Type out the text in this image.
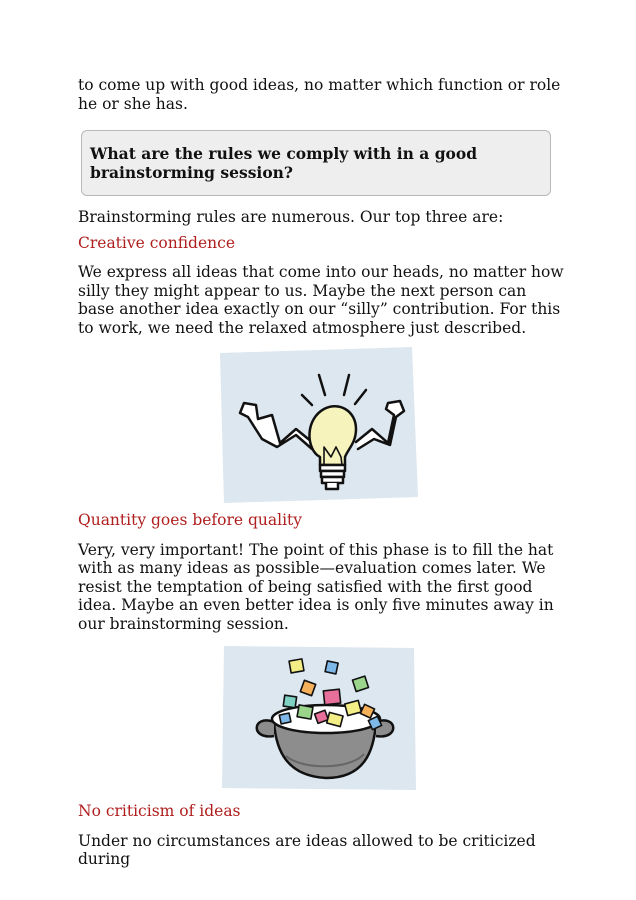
to come up with good ideas, no matter which function or role he or she has.

What are the rules we comply with in a good brainstorming session?

Brainstorming rules are numerous. Our top three are:

Creative confidence

We express all ideas that come into our heads, no matter how silly they might appear to us. Maybe the next person can base another idea exactly on our “silly” contribution. For this to work, we need the relaxed atmosphere just described.

Quantity goes before quality

Very, very important! The point of this phase is to fill the hat with as many ideas as possible—evaluation comes later. We resist the temptation of being satisfied with the first good idea. Maybe an even better idea is only five minutes away in our brainstorming session.

No criticism of ideas

Under no circumstances are ideas allowed to be criticized during
